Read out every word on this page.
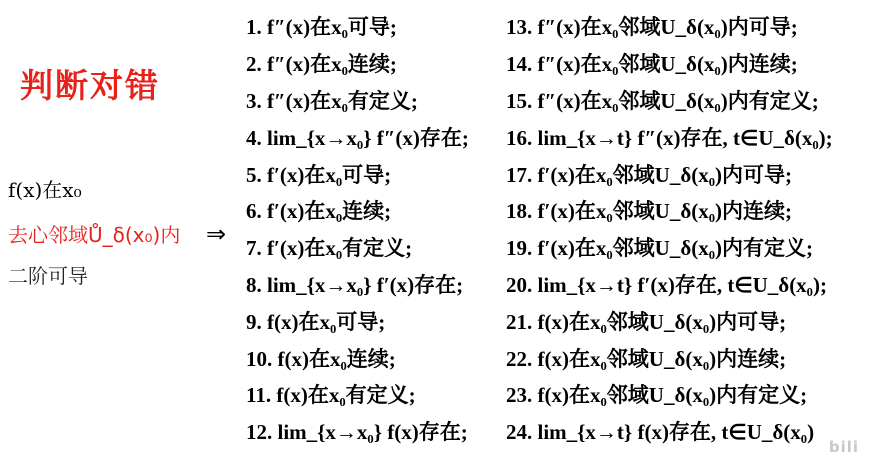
判断对错
f(x)在x₀
去心邻域Ů_δ(x₀)内
二阶可导
⇒
1. f″(x)在x₀可导;
2. f″(x)在x₀连续;
3. f″(x)在x₀有定义;
4. lim_{x→x₀} f″(x)存在;
5. f′(x)在x₀可导;
6. f′(x)在x₀连续;
7. f′(x)在x₀有定义;
8. lim_{x→x₀} f′(x)存在;
9. f(x)在x₀可导;
10. f(x)在x₀连续;
11. f(x)在x₀有定义;
12. lim_{x→x₀} f(x)存在;
13. f″(x)在x₀邻域U_δ(x₀)内可导;
14. f″(x)在x₀邻域U_δ(x₀)内连续;
15. f″(x)在x₀邻域U_δ(x₀)内有定义;
16. lim_{x→t} f″(x)存在, t∈U_δ(x₀);
17. f′(x)在x₀邻域U_δ(x₀)内可导;
18. f′(x)在x₀邻域U_δ(x₀)内连续;
19. f′(x)在x₀邻域U_δ(x₀)内有定义;
20. lim_{x→t} f′(x)存在, t∈U_δ(x₀);
21. f(x)在x₀邻域U_δ(x₀)内可导;
22. f(x)在x₀邻域U_δ(x₀)内连续;
23. f(x)在x₀邻域U_δ(x₀)内有定义;
24. lim_{x→t} f(x)存在, t∈U_δ(x₀)
bili
